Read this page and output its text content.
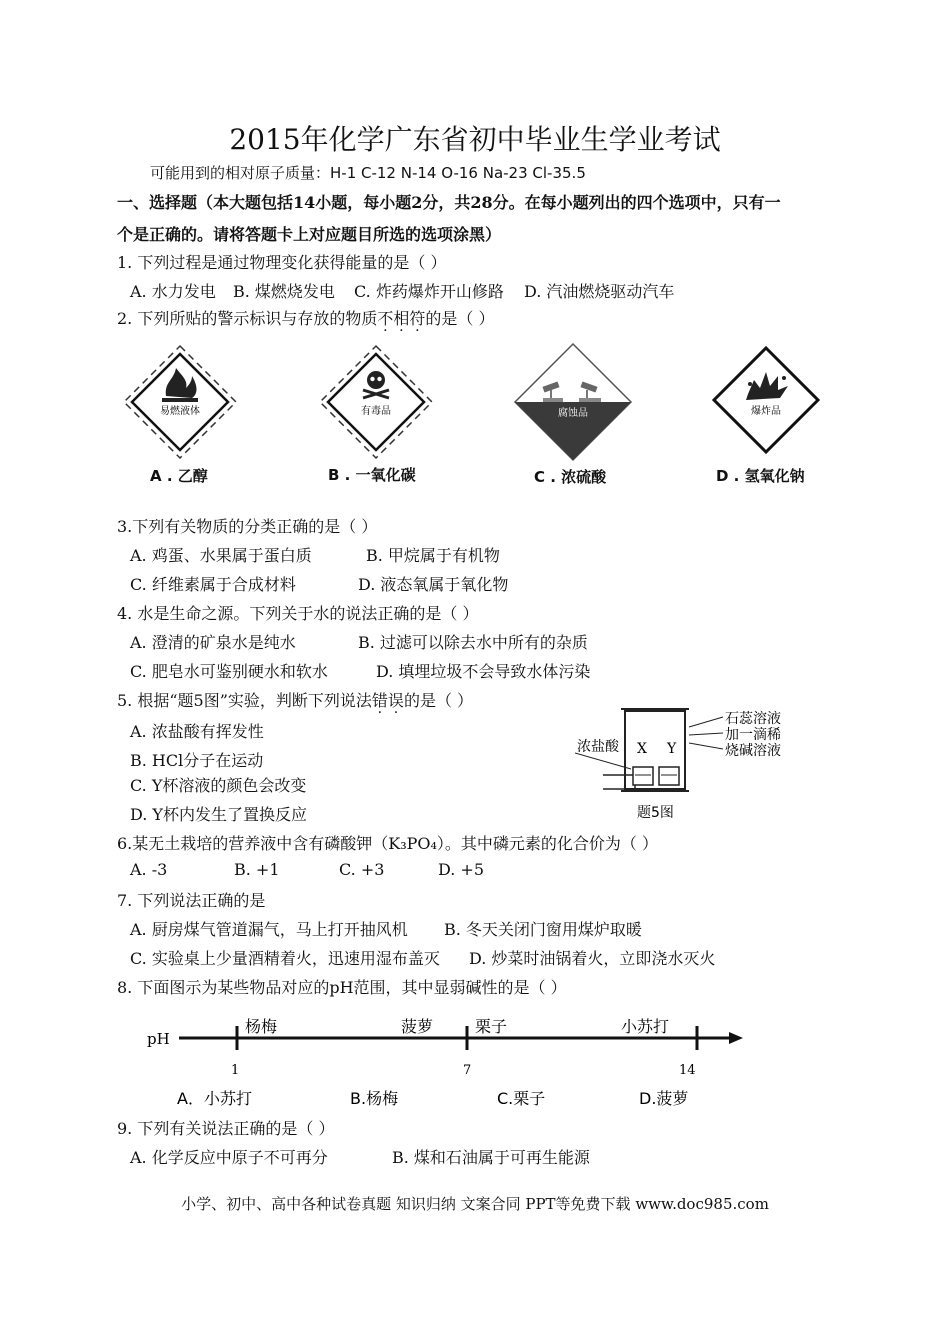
2015年化学广东省初中毕业生学业考试
可能用到的相对原子质量：H-1 C-12 N-14 O-16 Na-23 Cl-35.5
一、选择题（本大题包括14小题，每小题2分，共28分。在每小题列出的四个选项中，只有一
个是正确的。请将答题卡上对应题目所选的选项涂黑）
1. 下列过程是通过物理变化获得能量的是（ ）
A. 水力发电 B. 煤燃烧发电 C. 炸药爆炸开山修路 D. 汽油燃烧驱动汽车
2. 下列所贴的警示标识与存放的物质不相符的是（ ）
易燃液体	有毒品	腐蚀品	爆炸品
A . 乙醇	B . 一氧化碳	C . 浓硫酸	D . 氢氧化钠
3.下列有关物质的分类正确的是（ ）
A. 鸡蛋、水果属于蛋白质	B. 甲烷属于有机物
C. 纤维素属于合成材料	D. 液态氧属于氧化物
4. 水是生命之源。下列关于水的说法正确的是（ ）
A. 澄清的矿泉水是纯水	B. 过滤可以除去水中所有的杂质
C. 肥皂水可鉴别硬水和软水	D. 填埋垃圾不会导致水体污染
5. 根据“题5图”实验，判断下列说法错误的是（ ）
A. 浓盐酸有挥发性
B. HCl分子在运动
C. Y杯溶液的颜色会改变
D. Y杯内发生了置换反应
浓盐酸 X Y
石蕊溶液
加一滴稀
烧碱溶液
题5图
6.某无土栽培的营养液中含有磷酸钾（K₃PO₄）。其中磷元素的化合价为（ ）
A. -3	B. +1	C. +3	D. +5
7. 下列说法正确的是
A. 厨房煤气管道漏气，马上打开抽风机 B. 冬天关闭门窗用煤炉取暖
C. 实验桌上少量酒精着火，迅速用湿布盖灭 D. 炒菜时油锅着火，立即浇水灭火
8. 下面图示为某些物品对应的pH范围，其中显弱碱性的是（ ）
pH
杨梅	菠萝	栗子	小苏打
1	7	14
A．小苏打	B.杨梅	C.栗子	D.菠萝
9. 下列有关说法正确的是（ ）
A. 化学反应中原子不可再分	B. 煤和石油属于可再生能源
小学、初中、高中各种试卷真题 知识归纳 文案合同 PPT等免费下载 www.doc985.com
